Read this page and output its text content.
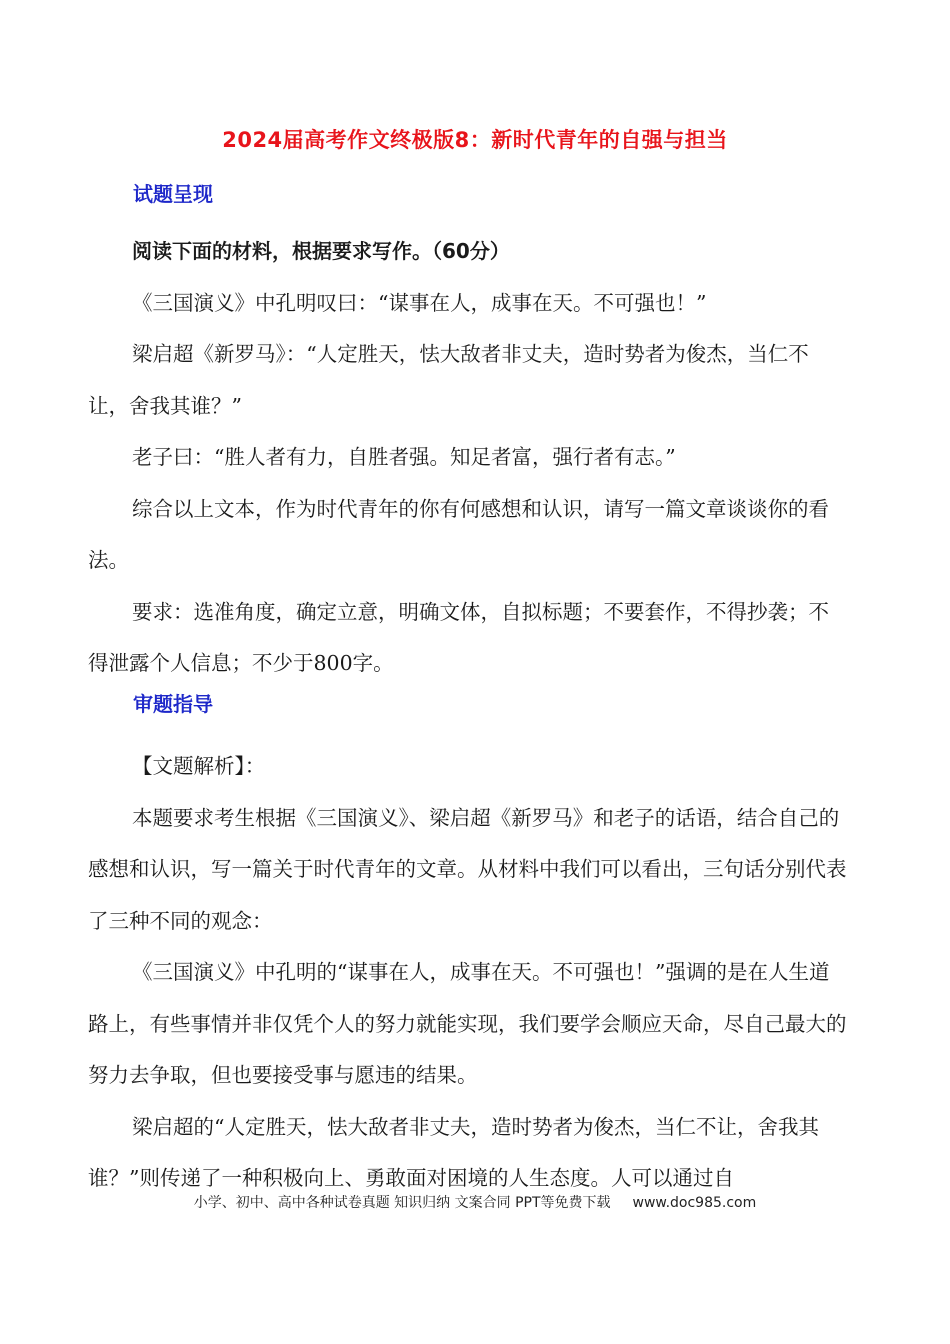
2024届高考作文终极版8：新时代青年的自强与担当
试题呈现

阅读下面的材料，根据要求写作。（60分）

《三国演义》中孔明叹曰：“谋事在人，成事在天。不可强也！”

梁启超《新罗马》：“人定胜天，怯大敌者非丈夫，造时势者为俊杰，当仁不让，舍我其谁？”

老子曰：“胜人者有力，自胜者强。知足者富，强行者有志。”

综合以上文本，作为时代青年的你有何感想和认识，请写一篇文章谈谈你的看法。

要求：选准角度，确定立意，明确文体，自拟标题；不要套作，不得抄袭；不得泄露个人信息；不少于800字。

【文题解析】：

本题要求考生根据《三国演义》、梁启超《新罗马》和老子的话语，结合自己的感想和认识，写一篇关于时代青年的文章。从材料中我们可以看出，三句话分别代表了三种不同的观念：

《三国演义》中孔明的“谋事在人，成事在天。不可强也！”强调的是在人生道路上，有些事情并非仅凭个人的努力就能实现，我们要学会顺应天命，尽自己最大的努力去争取，但也要接受事与愿违的结果。

梁启超的“人定胜天，怯大敌者非丈夫，造时势者为俊杰，当仁不让，舍我其谁？”则传递了一种积极向上、勇敢面对困境的人生态度。人可以通过自

审题指导
小学、初中、高中各种试卷真题 知识归纳 文案合同 PPT等免费下载 www.doc985.com
